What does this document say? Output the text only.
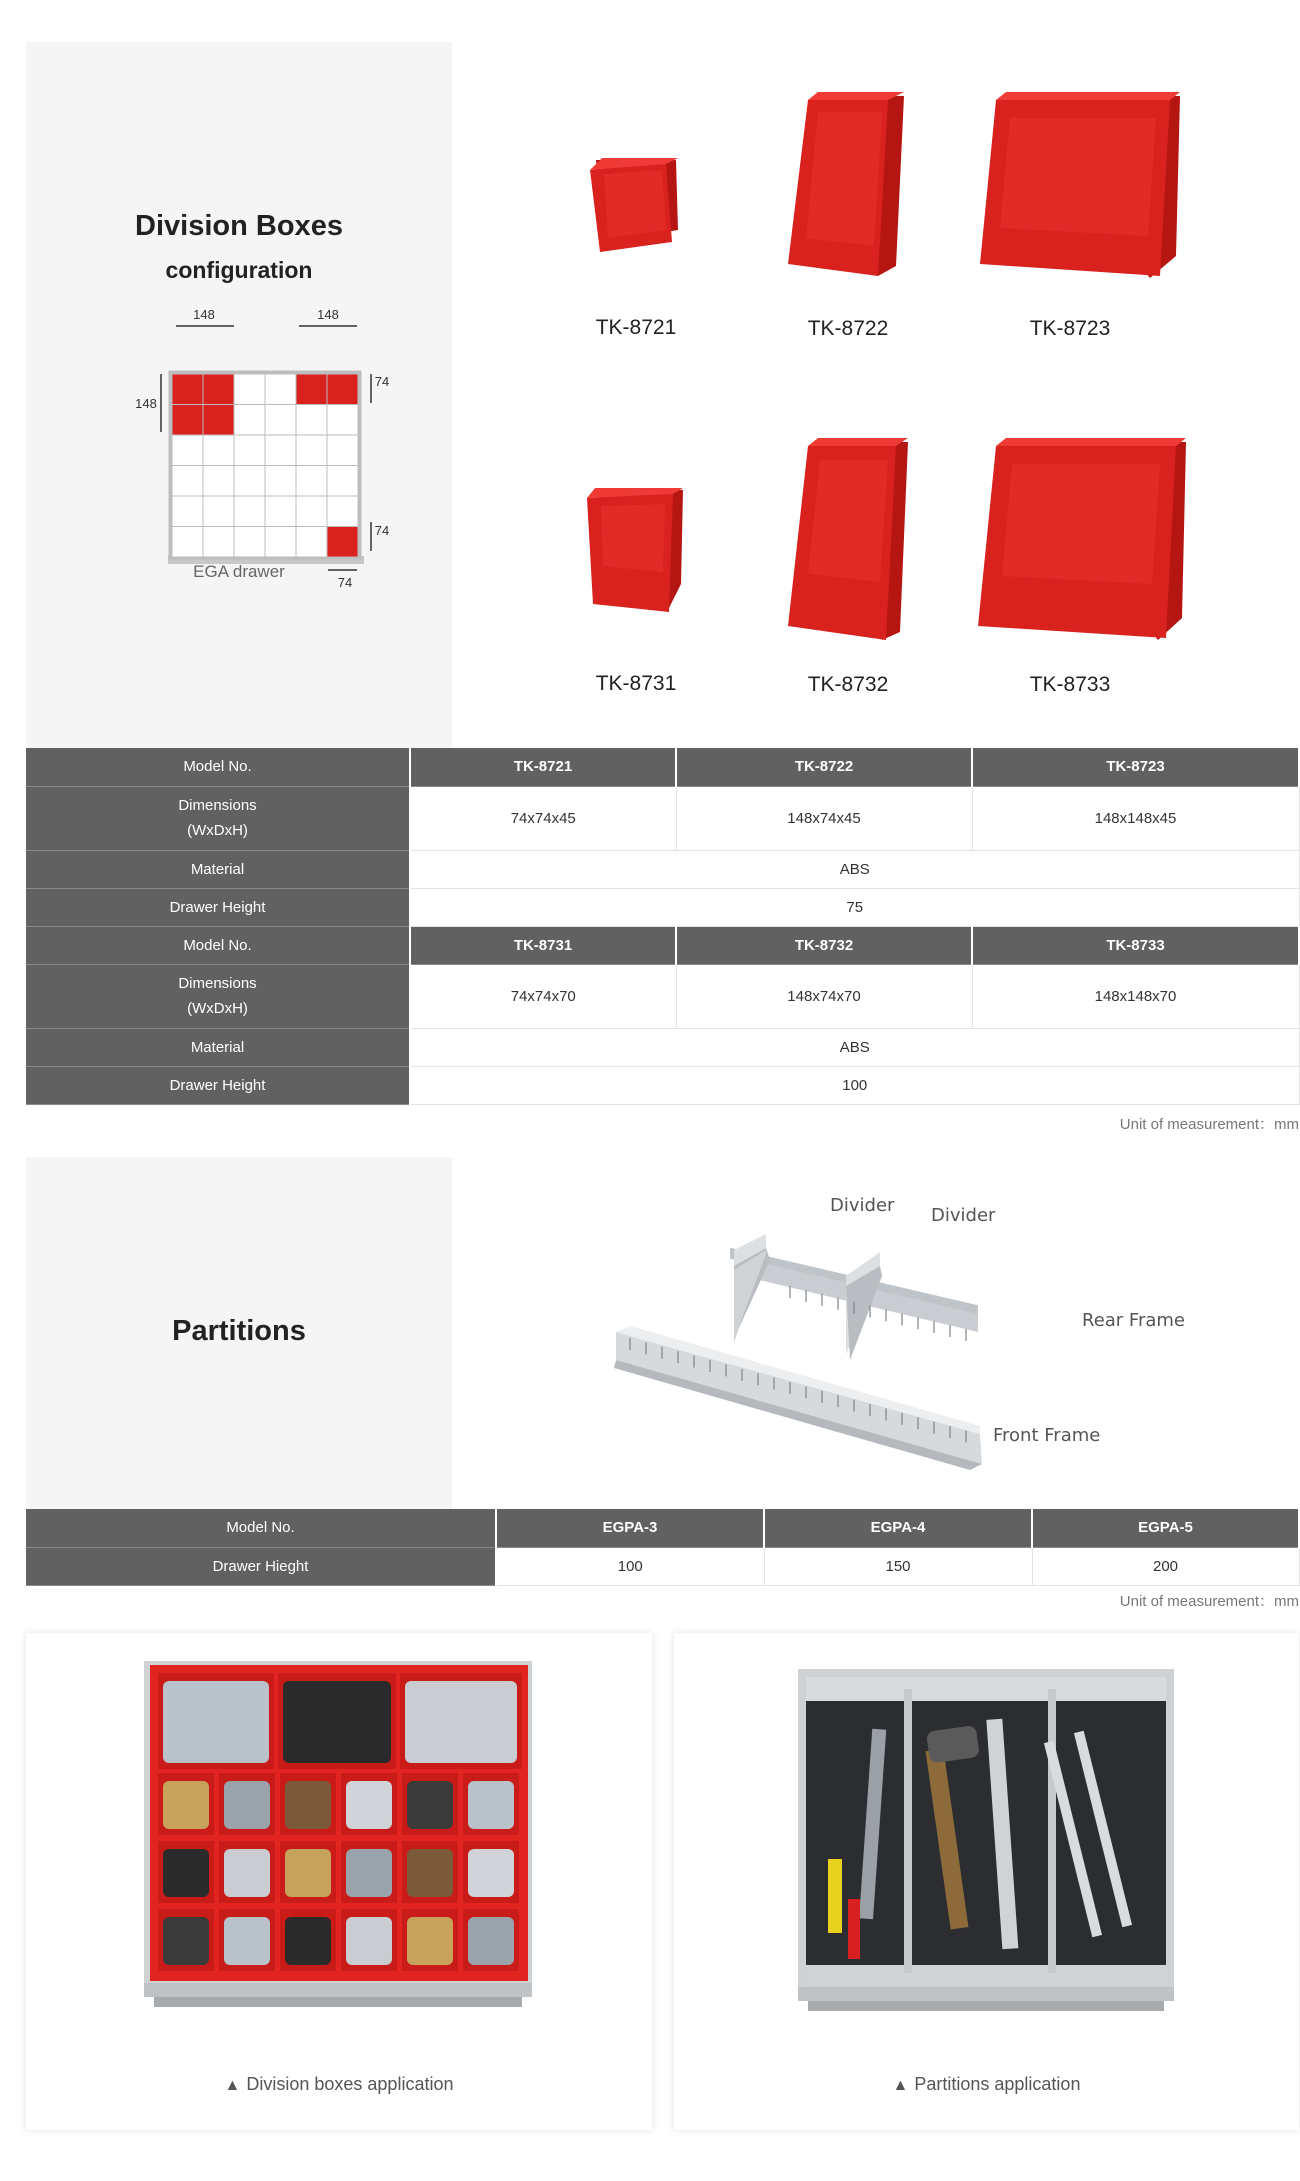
Division Boxes
configuration
148	148
148
74
74
74
EGA drawer
TK-8721	TK-8722	TK-8723
TK-8731	TK-8732	TK-8733
Model No.	TK-8721	TK-8722	TK-8723
Dimensions
(WxDxH)	74x74x45	148x74x45	148x148x45
Material	ABS		
Drawer Height	75		
Model No.	TK-8731	TK-8732	TK-8733
Dimensions
(WxDxH)	74x74x70	148x74x70	148x148x70
Material	ABS		
Drawer Height	100		
Unit of measurement：mm
Partitions
Divider Divider
Rear Frame
Front Frame
Model No.	EGPA-3	EGPA-4	EGPA-5
Drawer Hieght	100	150	200
Unit of measurement：mm
▲ Division boxes application	▲ Partitions application
